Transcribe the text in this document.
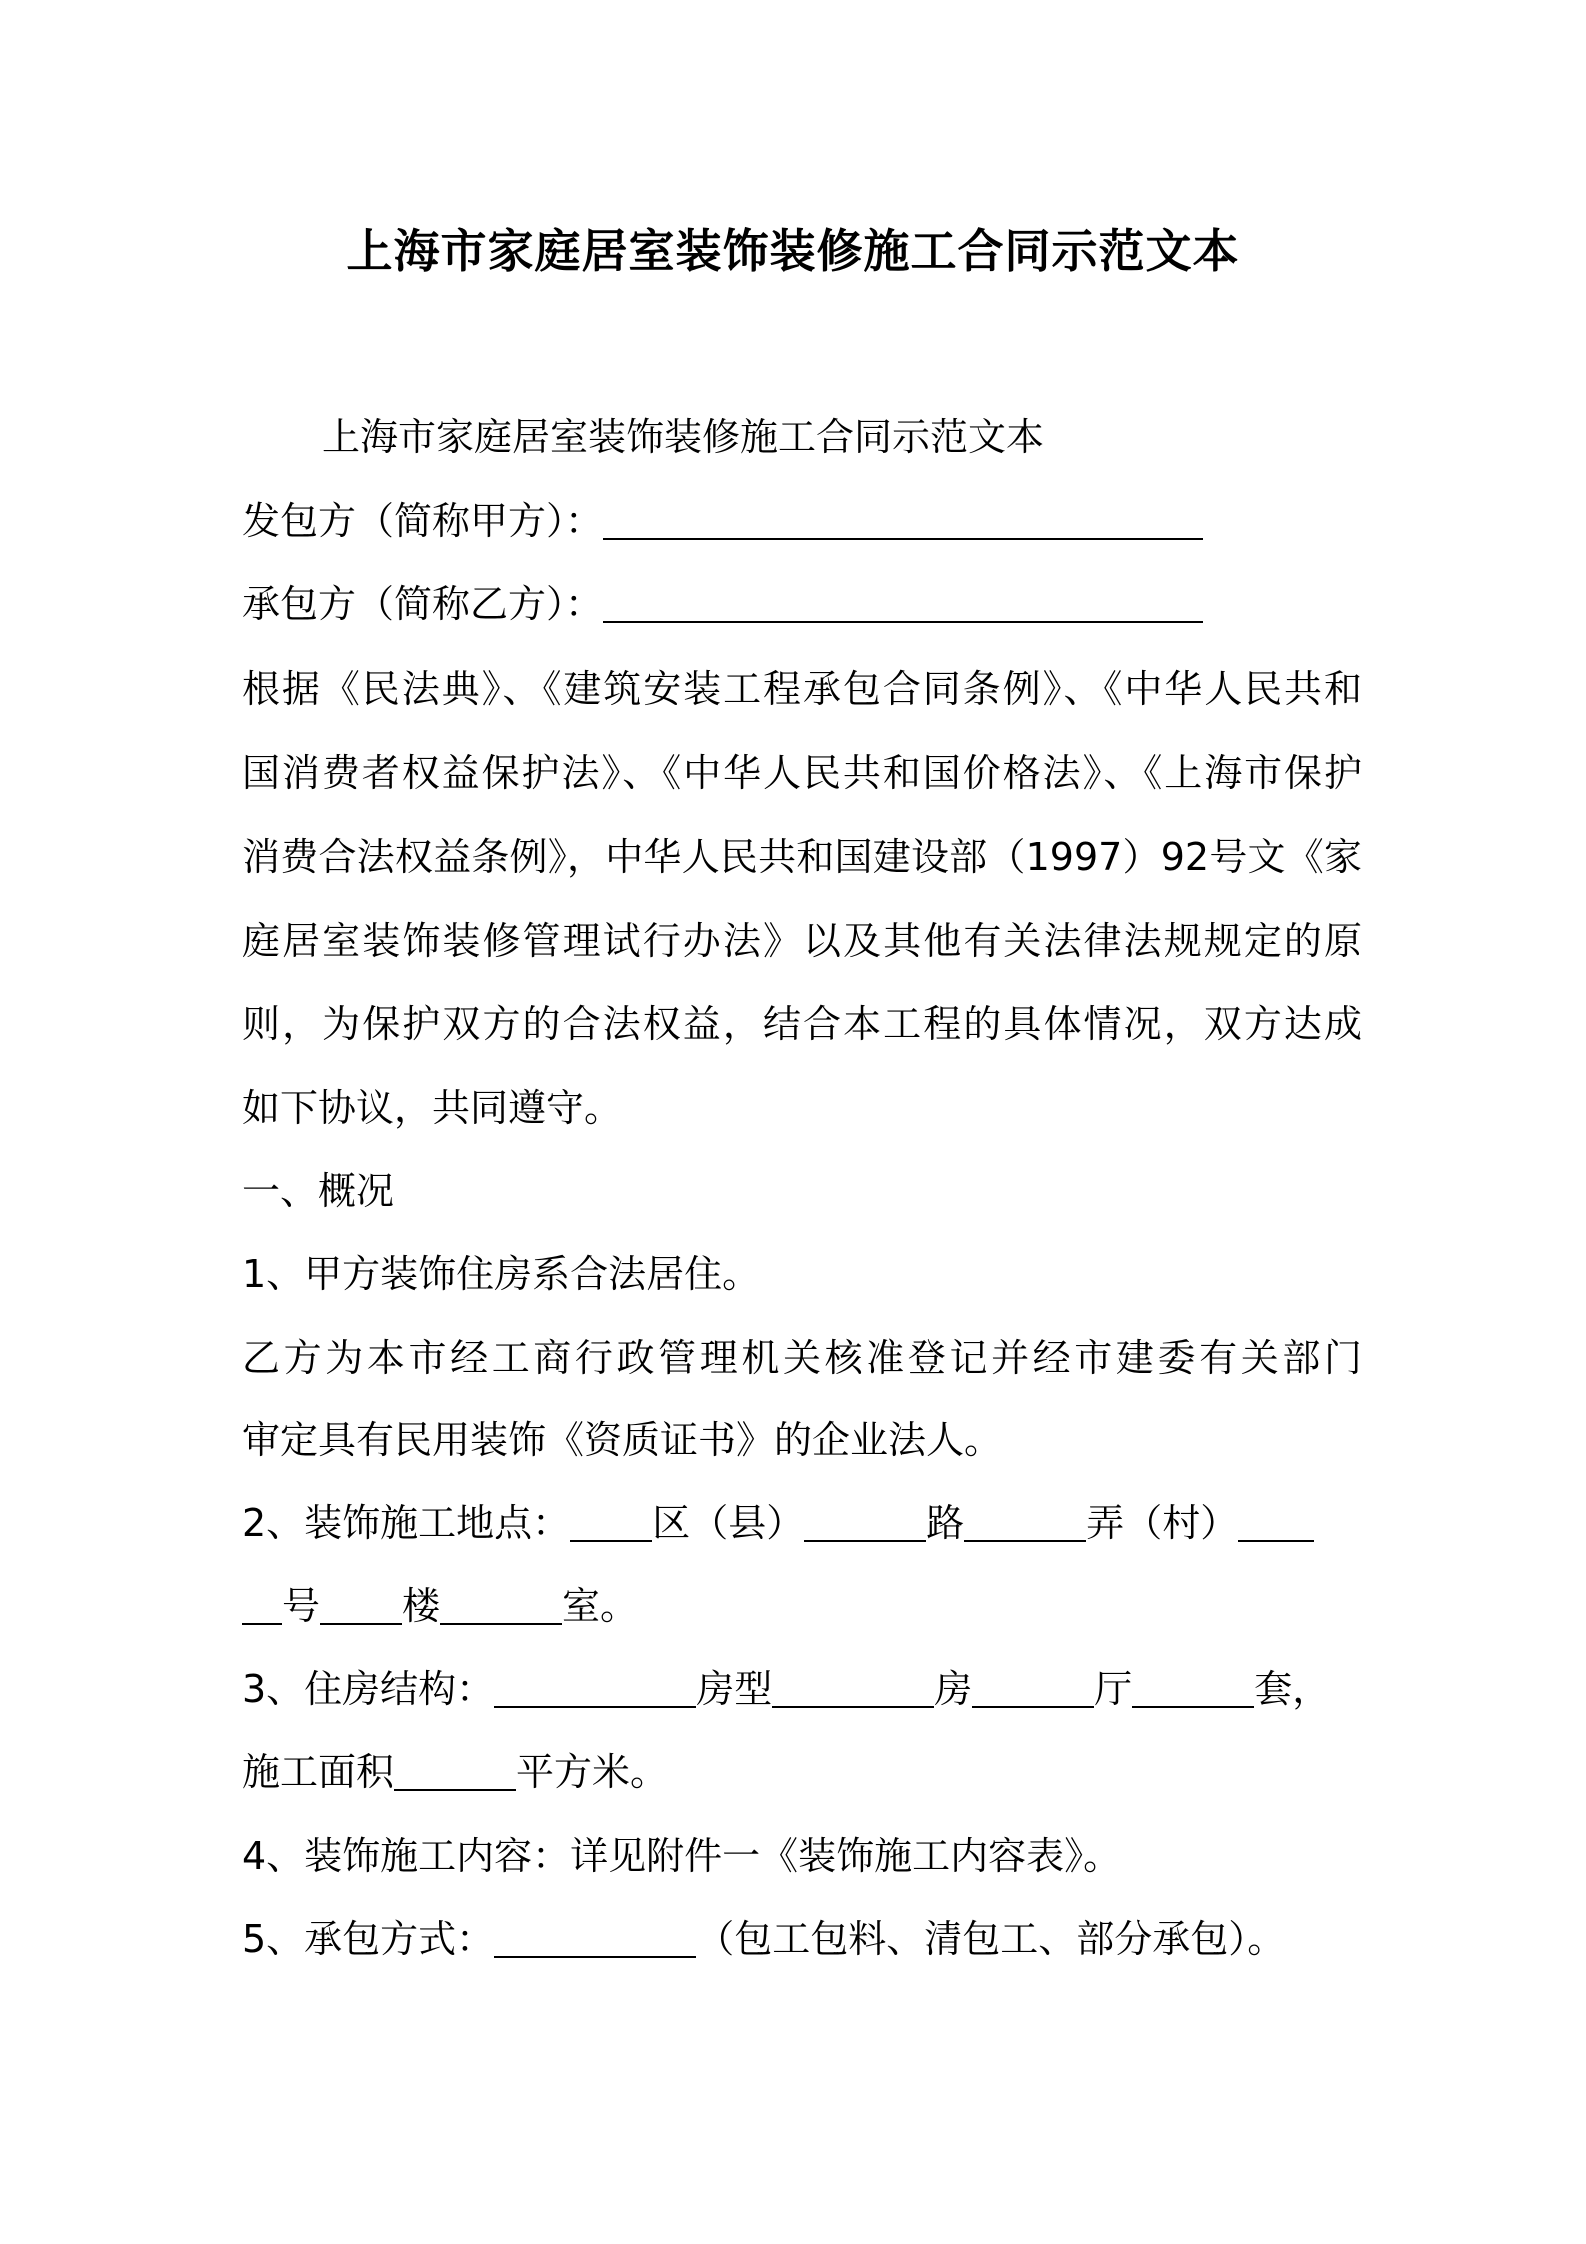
上海市家庭居室装饰装修施工合同示范文本
上海市家庭居室装饰装修施工合同示范文本
发包方（简称甲方）：
承包方（简称乙方）：
根据《民法典》、《建筑安装工程承包合同条例》、《中华人民共和
国消费者权益保护法》、《中华人民共和国价格法》、《上海市保护
消费合法权益条例》，中华人民共和国建设部（1997）92号文《家
庭居室装饰装修管理试行办法》以及其他有关法律法规规定的原
则，为保护双方的合法权益，结合本工程的具体情况，双方达成
如下协议，共同遵守。
一、概况
1、甲方装饰住房系合法居住。
乙方为本市经工商行政管理机关核准登记并经市建委有关部门
审定具有民用装饰《资质证书》的企业法人。
2、装饰施工地点： 区（县）	路	弄（村）
号 楼	室。
3、住房结构：	房型	房	厅	套，
施工面积	平方米。
4、装饰施工内容：详见附件一《装饰施工内容表》。
5、承包方式：	（包工包料、清包工、部分承包）。
